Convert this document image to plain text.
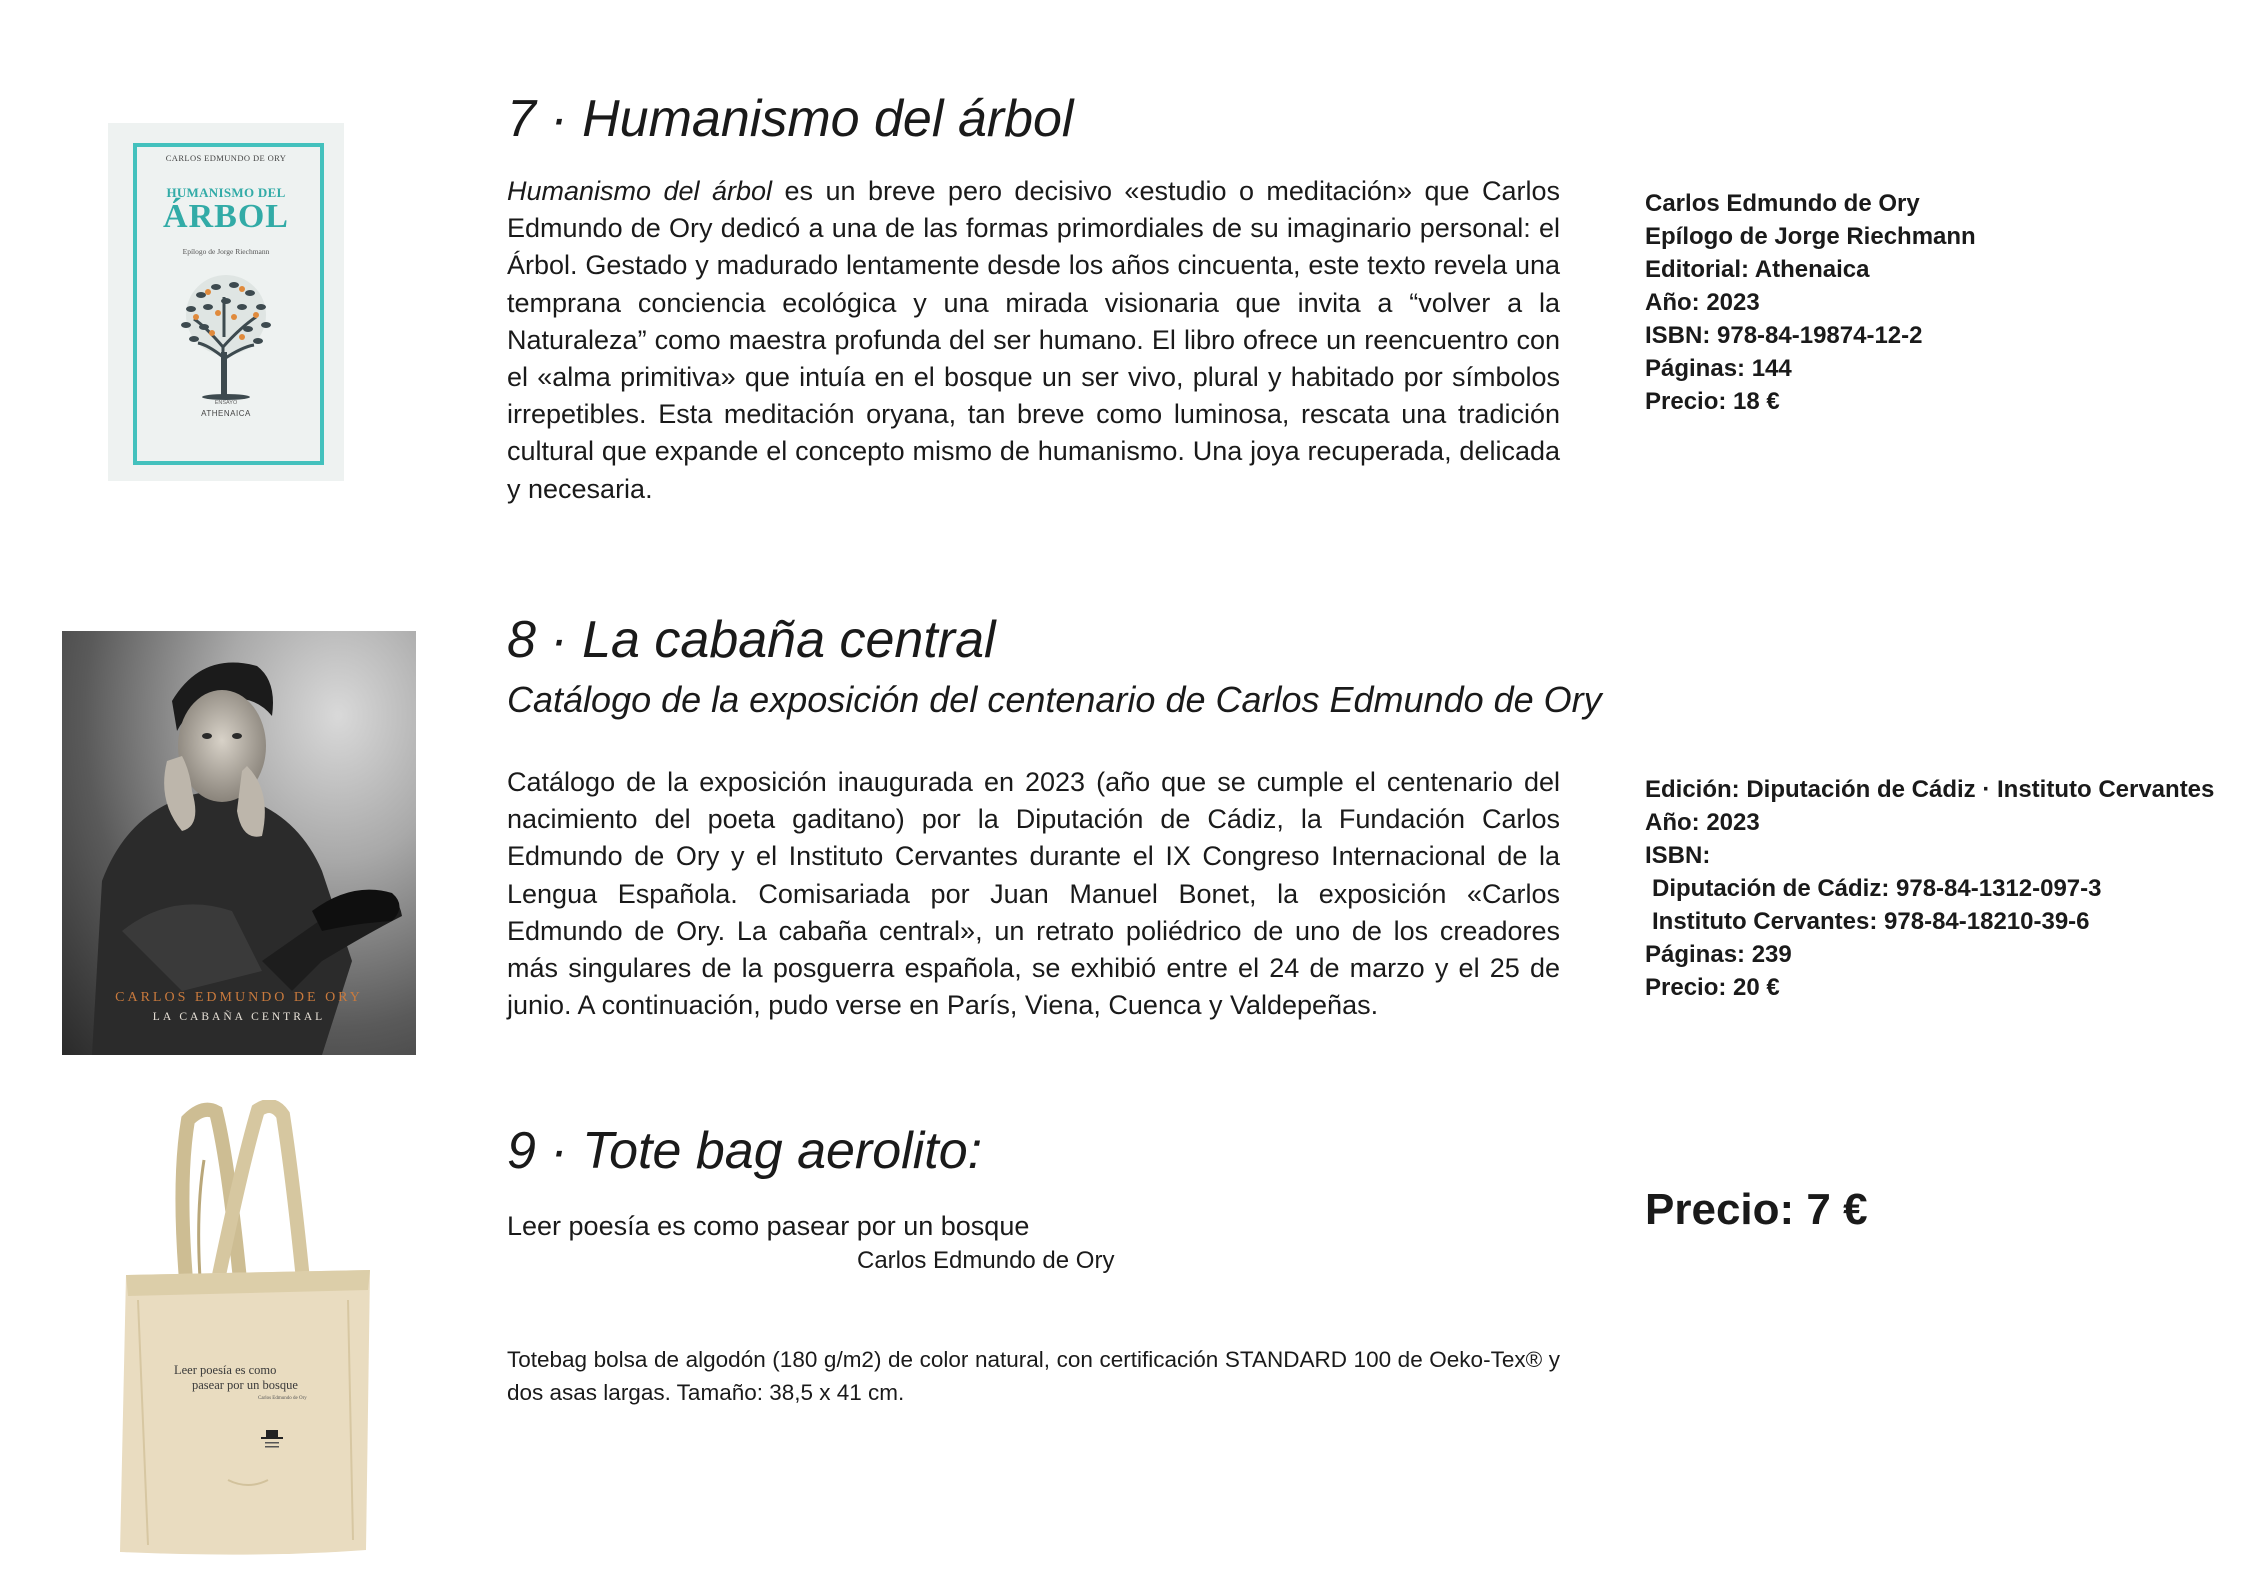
CARLOS EDMUNDO DE ORY
HUMANISMO DEL
ÁRBOL
Epílogo de Jorge Riechmann
ENSAYO
ATHENAICA
7 · Humanismo del árbol
Humanismo del árbol es un breve pero decisivo «estudio o meditación» que Carlos Edmundo de Ory dedicó a una de las formas primordiales de su imaginario personal: el Árbol. Gestado y madurado lentamente desde los años cincuenta, este texto revela una temprana conciencia ecológica y una mirada visionaria que invita a “volver a la Naturaleza” como maestra profunda del ser humano. El libro ofrece un reencuentro con el «alma primitiva» que intuía en el bosque un ser vivo, plural y habitado por símbolos irrepetibles. Esta meditación oryana, tan breve como luminosa, rescata una tradición cultural que expande el concepto mismo de humanismo. Una joya recuperada, delicada y necesaria.
Carlos Edmundo de Ory
Epílogo de Jorge Riechmann
Editorial: Athenaica
Año: 2023
ISBN: 978-84-19874-12-2
Páginas: 144
Precio: 18 €
CARLOS EDMUNDO DE ORY
LA CABAÑA CENTRAL
8 · La cabaña central
Catálogo de la exposición del centenario de Carlos Edmundo de Ory
Catálogo de la exposición inaugurada en 2023 (año que se cumple el centenario del nacimiento del poeta gaditano) por la Diputación de Cádiz, la Fundación Carlos Edmundo de Ory y el Instituto Cervantes durante el IX Congreso Internacional de la Lengua Española. Comisariada por Juan Manuel Bonet, la exposición «Carlos Edmundo de Ory. La cabaña central», un retrato poliédrico de uno de los creadores más singulares de la posguerra española, se exhibió entre el 24 de marzo y el 25 de junio. A continuación, pudo verse en París, Viena, Cuenca y Valdepeñas.
Edición: Diputación de Cádiz · Instituto Cervantes
Año: 2023
ISBN:
Diputación de Cádiz: 978-84-1312-097-3
Instituto Cervantes: 978-84-18210-39-6
Páginas: 239
Precio: 20 €
Leer poesía es como
pasear por un bosque
Carlos Edmundo de Ory
9 · Tote bag aerolito:
Leer poesía es como pasear por un bosque
Carlos Edmundo de Ory
Totebag bolsa de algodón (180 g/m2) de color natural, con certificación STANDARD 100 de Oeko-Tex® y dos asas largas. Tamaño: 38,5 x 41 cm.
Precio: 7 €
